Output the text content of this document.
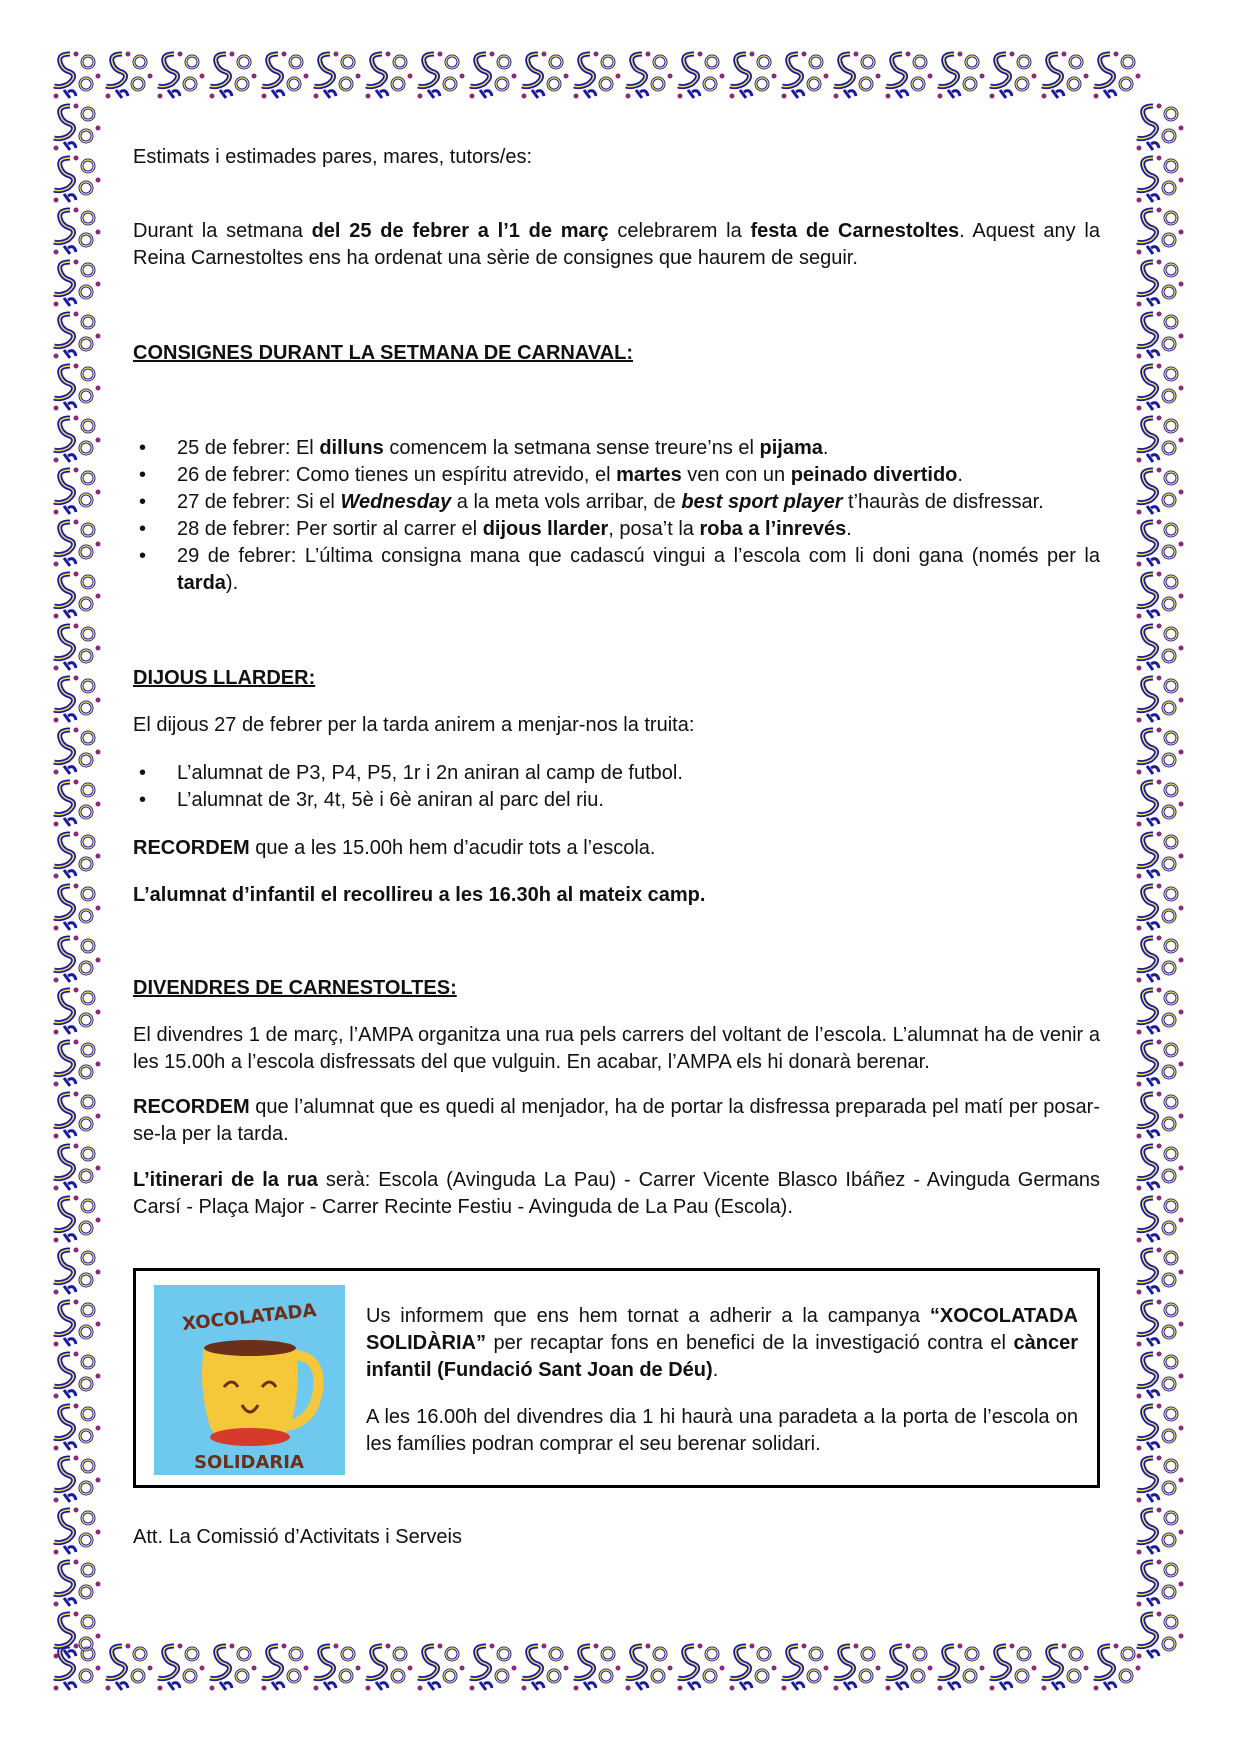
Estimats i estimades pares, mares, tutors/es:
Durant la setmana del 25 de febrer a l’1 de març celebrarem la festa de Carnestoltes. Aquest any la Reina Carnestoltes ens ha ordenat una sèrie de consignes que haurem de seguir.
CONSIGNES DURANT LA SETMANA DE CARNAVAL:
• 25 de febrer: El dilluns comencem la setmana sense treure’ns el pijama.
• 26 de febrer: Como tienes un espíritu atrevido, el martes ven con un peinado divertido.
• 27 de febrer: Si el Wednesday a la meta vols arribar, de best sport player t’hauràs de disfressar.
• 28 de febrer: Per sortir al carrer el dijous llarder, posa’t la roba a l’inrevés.
• 29 de febrer: L’última consigna mana que cadascú vingui a l’escola com li doni gana (només per la tarda).
DIJOUS LLARDER:
El dijous 27 de febrer per la tarda anirem a menjar-nos la truita:
• L’alumnat de P3, P4, P5, 1r i 2n aniran al camp de futbol.
• L’alumnat de 3r, 4t, 5è i 6è aniran al parc del riu.
RECORDEM que a les 15.00h hem d’acudir tots a l’escola.
L’alumnat d’infantil el recollireu a les 16.30h al mateix camp.
DIVENDRES DE CARNESTOLTES:
El divendres 1 de març, l’AMPA organitza una rua pels carrers del voltant de l’escola. L’alumnat ha de venir a les 15.00h a l’escola disfressats del que vulguin. En acabar, l’AMPA els hi donarà berenar.
RECORDEM que l’alumnat que es quedi al menjador, ha de portar la disfressa preparada pel matí per posar-se-la per la tarda.
L’itinerari de la rua serà: Escola (Avinguda La Pau) - Carrer Vicente Blasco Ibáñez - Avinguda Germans Carsí - Plaça Major - Carrer Recinte Festiu - Avinguda de La Pau (Escola).
XOCOLATADA
SOLIDARIA
Us informem que ens hem tornat a adherir a la campanya “XOCOLATADA SOLIDÀRIA” per recaptar fons en benefici de la investigació contra el càncer infantil (Fundació Sant Joan de Déu).
A les 16.00h del divendres dia 1 hi haurà una paradeta a la porta de l’escola on les famílies podran comprar el seu berenar solidari.
Att. La Comissió d’Activitats i Serveis
